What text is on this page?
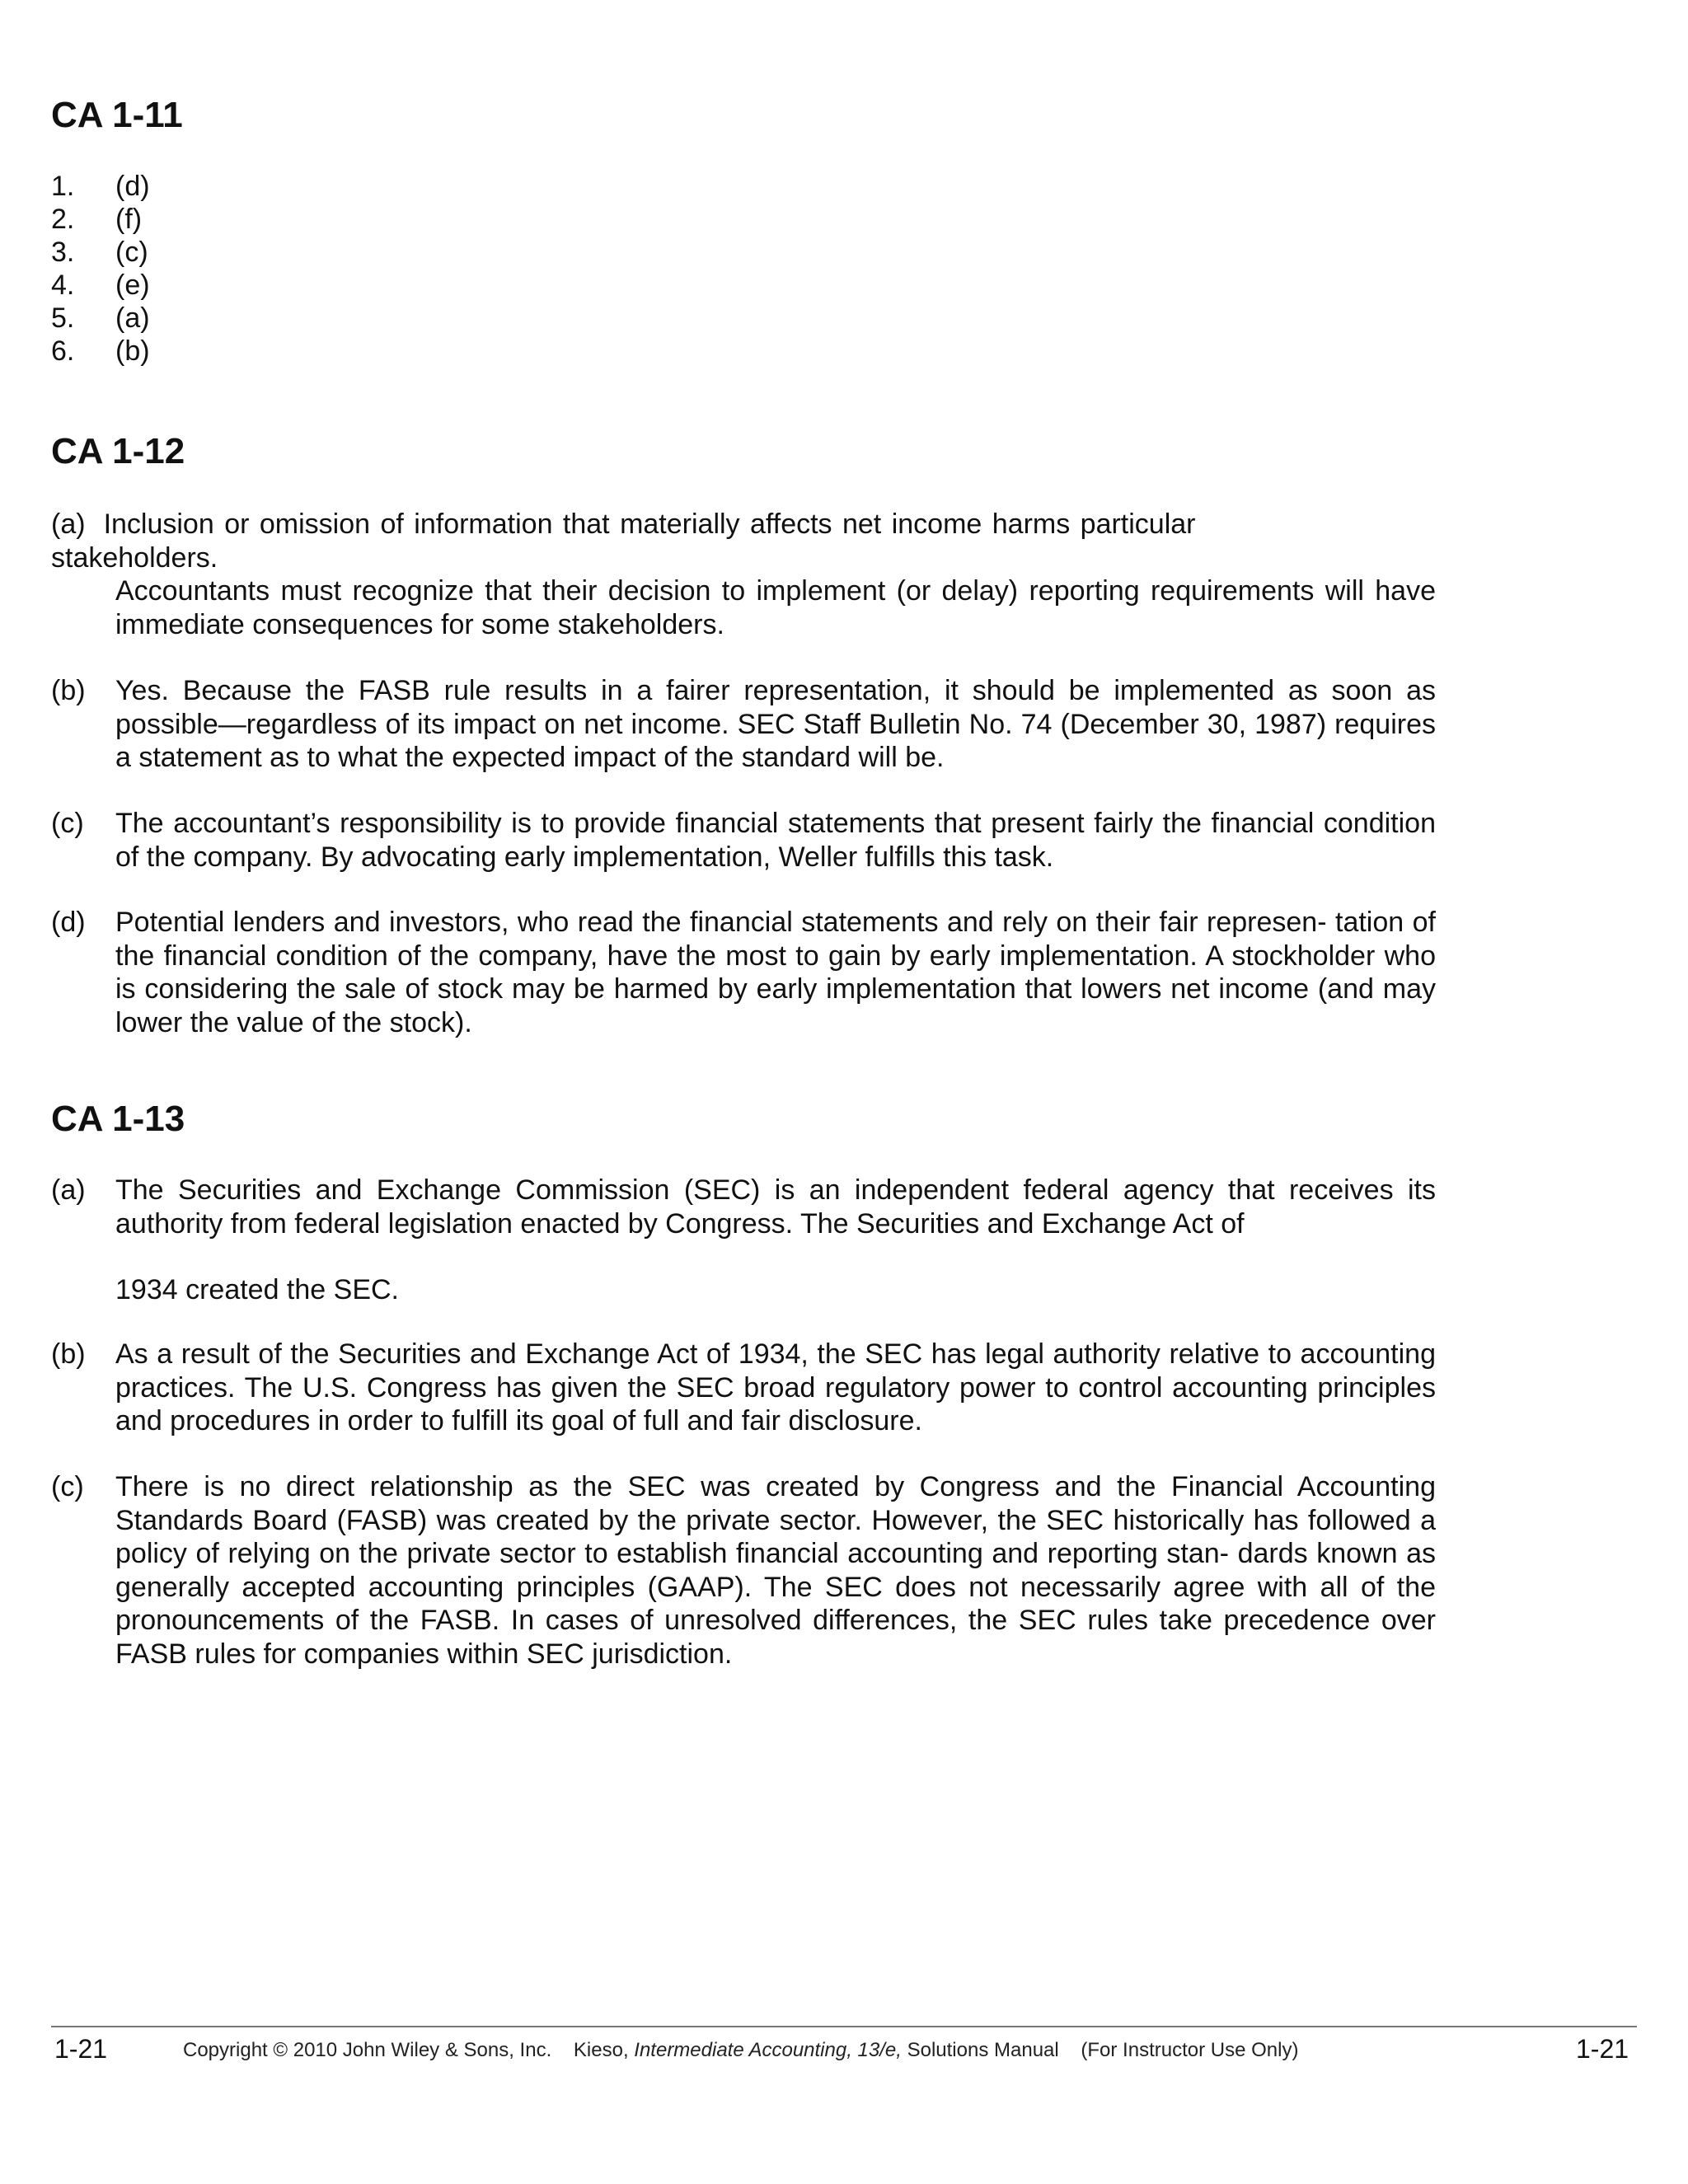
CA 1-11
1. (d)
2. (f)
3. (c)
4. (e)
5. (a)
6. (b)
CA 1-12
(a) Inclusion or omission of information that materially affects net income harms particular
stakeholders.
Accountants must recognize that their decision to implement (or delay) reporting requirements will have immediate consequences for some stakeholders.
(b) Yes. Because the FASB rule results in a fairer representation, it should be implemented as soon as possible—regardless of its impact on net income. SEC Staff Bulletin No. 74 (December 30, 1987) requires a statement as to what the expected impact of the standard will be.
(c) The accountant’s responsibility is to provide financial statements that present fairly the financial condition of the company. By advocating early implementation, Weller fulfills this task.
(d) Potential lenders and investors, who read the financial statements and rely on their fair represen- tation of the financial condition of the company, have the most to gain by early implementation. A stockholder who is considering the sale of stock may be harmed by early implementation that lowers net income (and may lower the value of the stock).
CA 1-13
(a) The Securities and Exchange Commission (SEC) is an independent federal agency that receives its authority from federal legislation enacted by Congress. The Securities and Exchange Act of
1934 created the SEC.
(b) As a result of the Securities and Exchange Act of 1934, the SEC has legal authority relative to accounting practices. The U.S. Congress has given the SEC broad regulatory power to control accounting principles and procedures in order to fulfill its goal of full and fair disclosure.
(c) There is no direct relationship as the SEC was created by Congress and the Financial Accounting Standards Board (FASB) was created by the private sector. However, the SEC historically has followed a policy of relying on the private sector to establish financial accounting and reporting stan- dards known as generally accepted accounting principles (GAAP). The SEC does not necessarily agree with all of the pronouncements of the FASB. In cases of unresolved differences, the SEC rules take precedence over FASB rules for companies within SEC jurisdiction.
1-21	Copyright © 2010 John Wiley & Sons, Inc.    Kieso, Intermediate Accounting, 13/e, Solutions Manual    (For Instructor Use Only)	1-21
